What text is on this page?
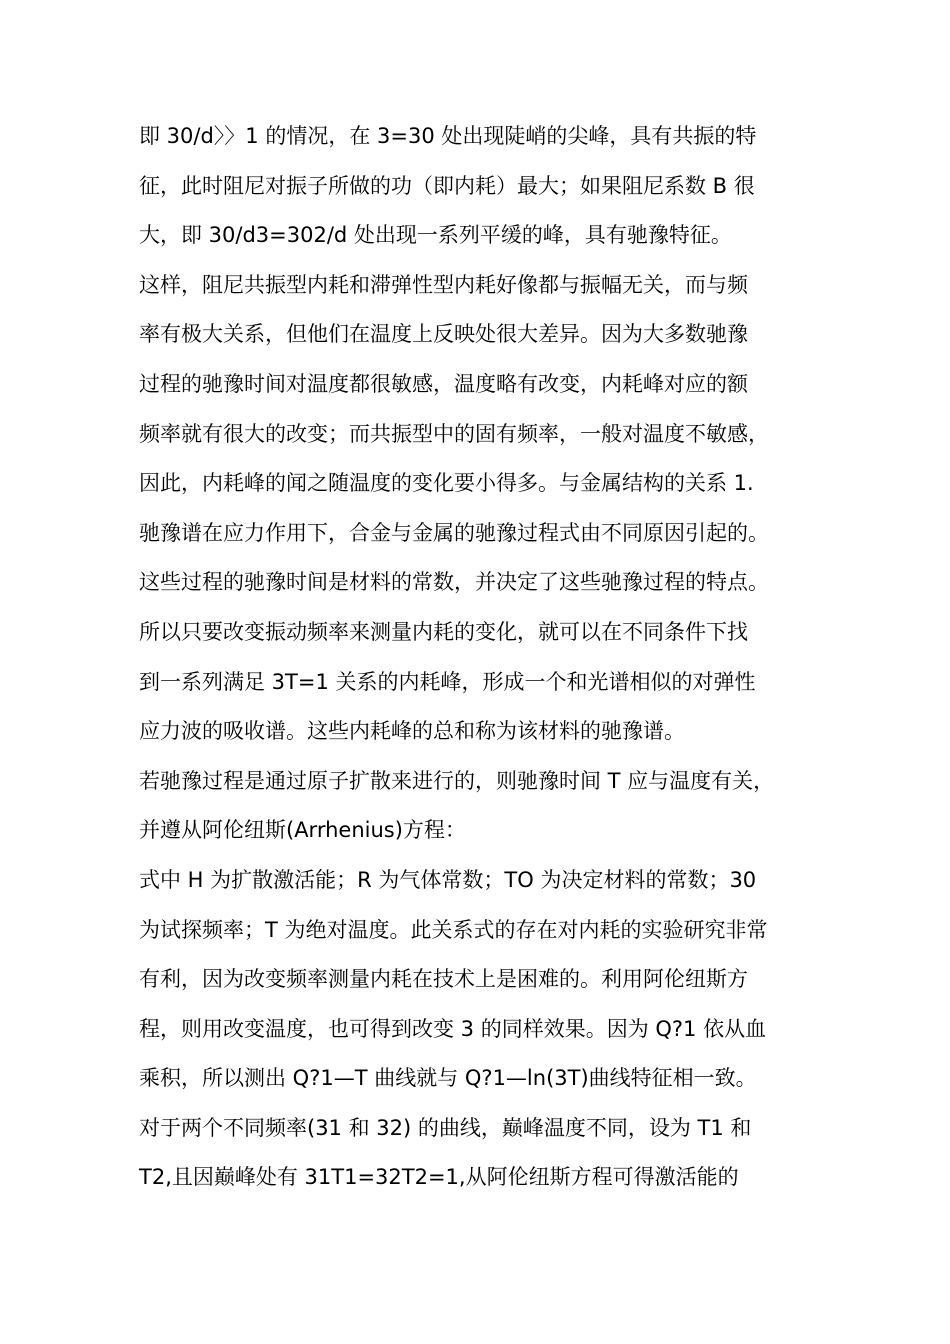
即 30/d〉〉1 的情况，在 3=30 处出现陡峭的尖峰，具有共振的特
征，此时阻尼对振子所做的功（即内耗）最大；如果阻尼系数 B 很
大，即 30/d3=302/d 处出现一系列平缓的峰，具有驰豫特征。
这样，阻尼共振型内耗和滞弹性型内耗好像都与振幅无关，而与频
率有极大关系，但他们在温度上反映处很大差异。因为大多数驰豫
过程的驰豫时间对温度都很敏感，温度略有改变，内耗峰对应的额
频率就有很大的改变；而共振型中的固有频率，一般对温度不敏感，
因此，内耗峰的闻之随温度的变化要小得多。与金属结构的关系 1.
驰豫谱在应力作用下，合金与金属的驰豫过程式由不同原因引起的。
这些过程的驰豫时间是材料的常数，并决定了这些驰豫过程的特点。
所以只要改变振动频率来测量内耗的变化，就可以在不同条件下找
到一系列满足 3T=1 关系的内耗峰，形成一个和光谱相似的对弹性
应力波的吸收谱。这些内耗峰的总和称为该材料的驰豫谱。
若驰豫过程是通过原子扩散来进行的，则驰豫时间 T 应与温度有关，
并遵从阿伦纽斯(Arrhenius)方程：
式中 H 为扩散激活能；R 为气体常数；TO 为决定材料的常数；30
为试探频率；T 为绝对温度。此关系式的存在对内耗的实验研究非常
有利，因为改变频率测量内耗在技术上是困难的。利用阿伦纽斯方
程，则用改变温度，也可得到改变 3 的同样效果。因为 Q?1 依从血
乘积，所以测出 Q?1—T 曲线就与 Q?1—ln(3T)曲线特征相一致。
对于两个不同频率(31 和 32) 的曲线，巅峰温度不同，设为 T1 和
T2,且因巅峰处有 31T1=32T2=1,从阿伦纽斯方程可得激活能的
